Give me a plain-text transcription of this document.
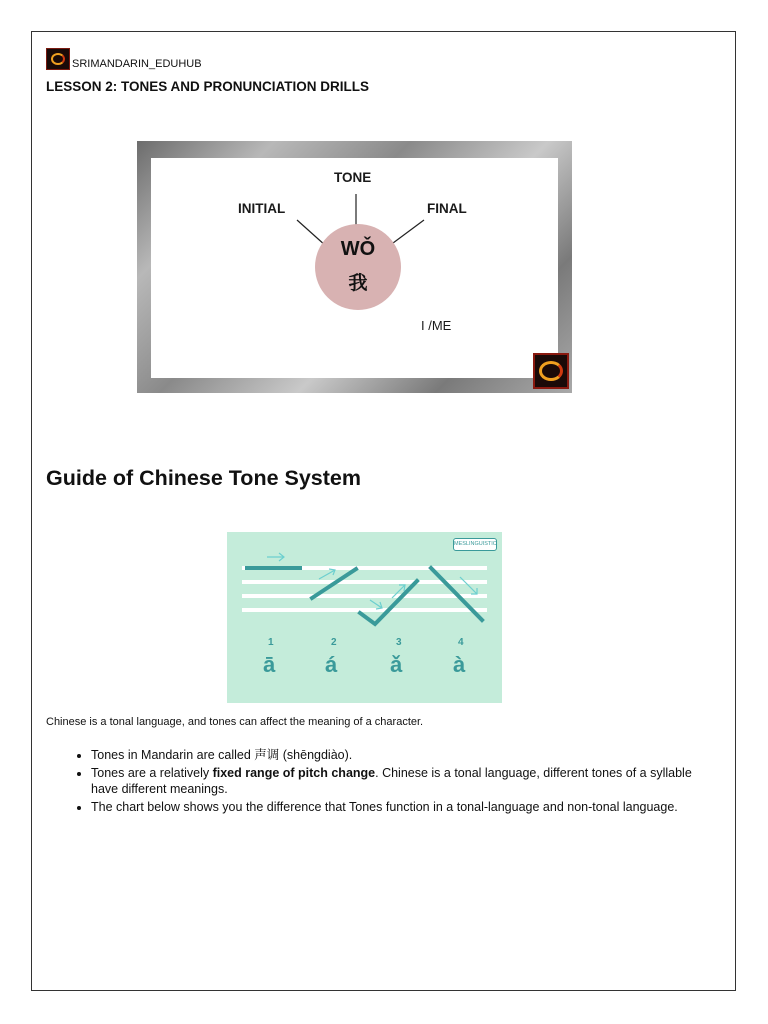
SRIMANDARIN_EDUHUB
LESSON 2: TONES AND PRONUNCIATION DRILLS
TONE
INITIAL	FINAL
WǑ
我
I /ME
Guide of Chinese Tone System
MESLINGUISTIC
1	2	3	4
ā á ǎ à
Chinese is a tonal language, and tones can affect the meaning of a character.
• Tones in Mandarin are called 声调 (shēngdiào).
• Tones are a relatively fixed range of pitch change. Chinese is a tonal language, different tones of a syllable have different meanings.
• The chart below shows you the difference that Tones function in a tonal-language and non-tonal language.
